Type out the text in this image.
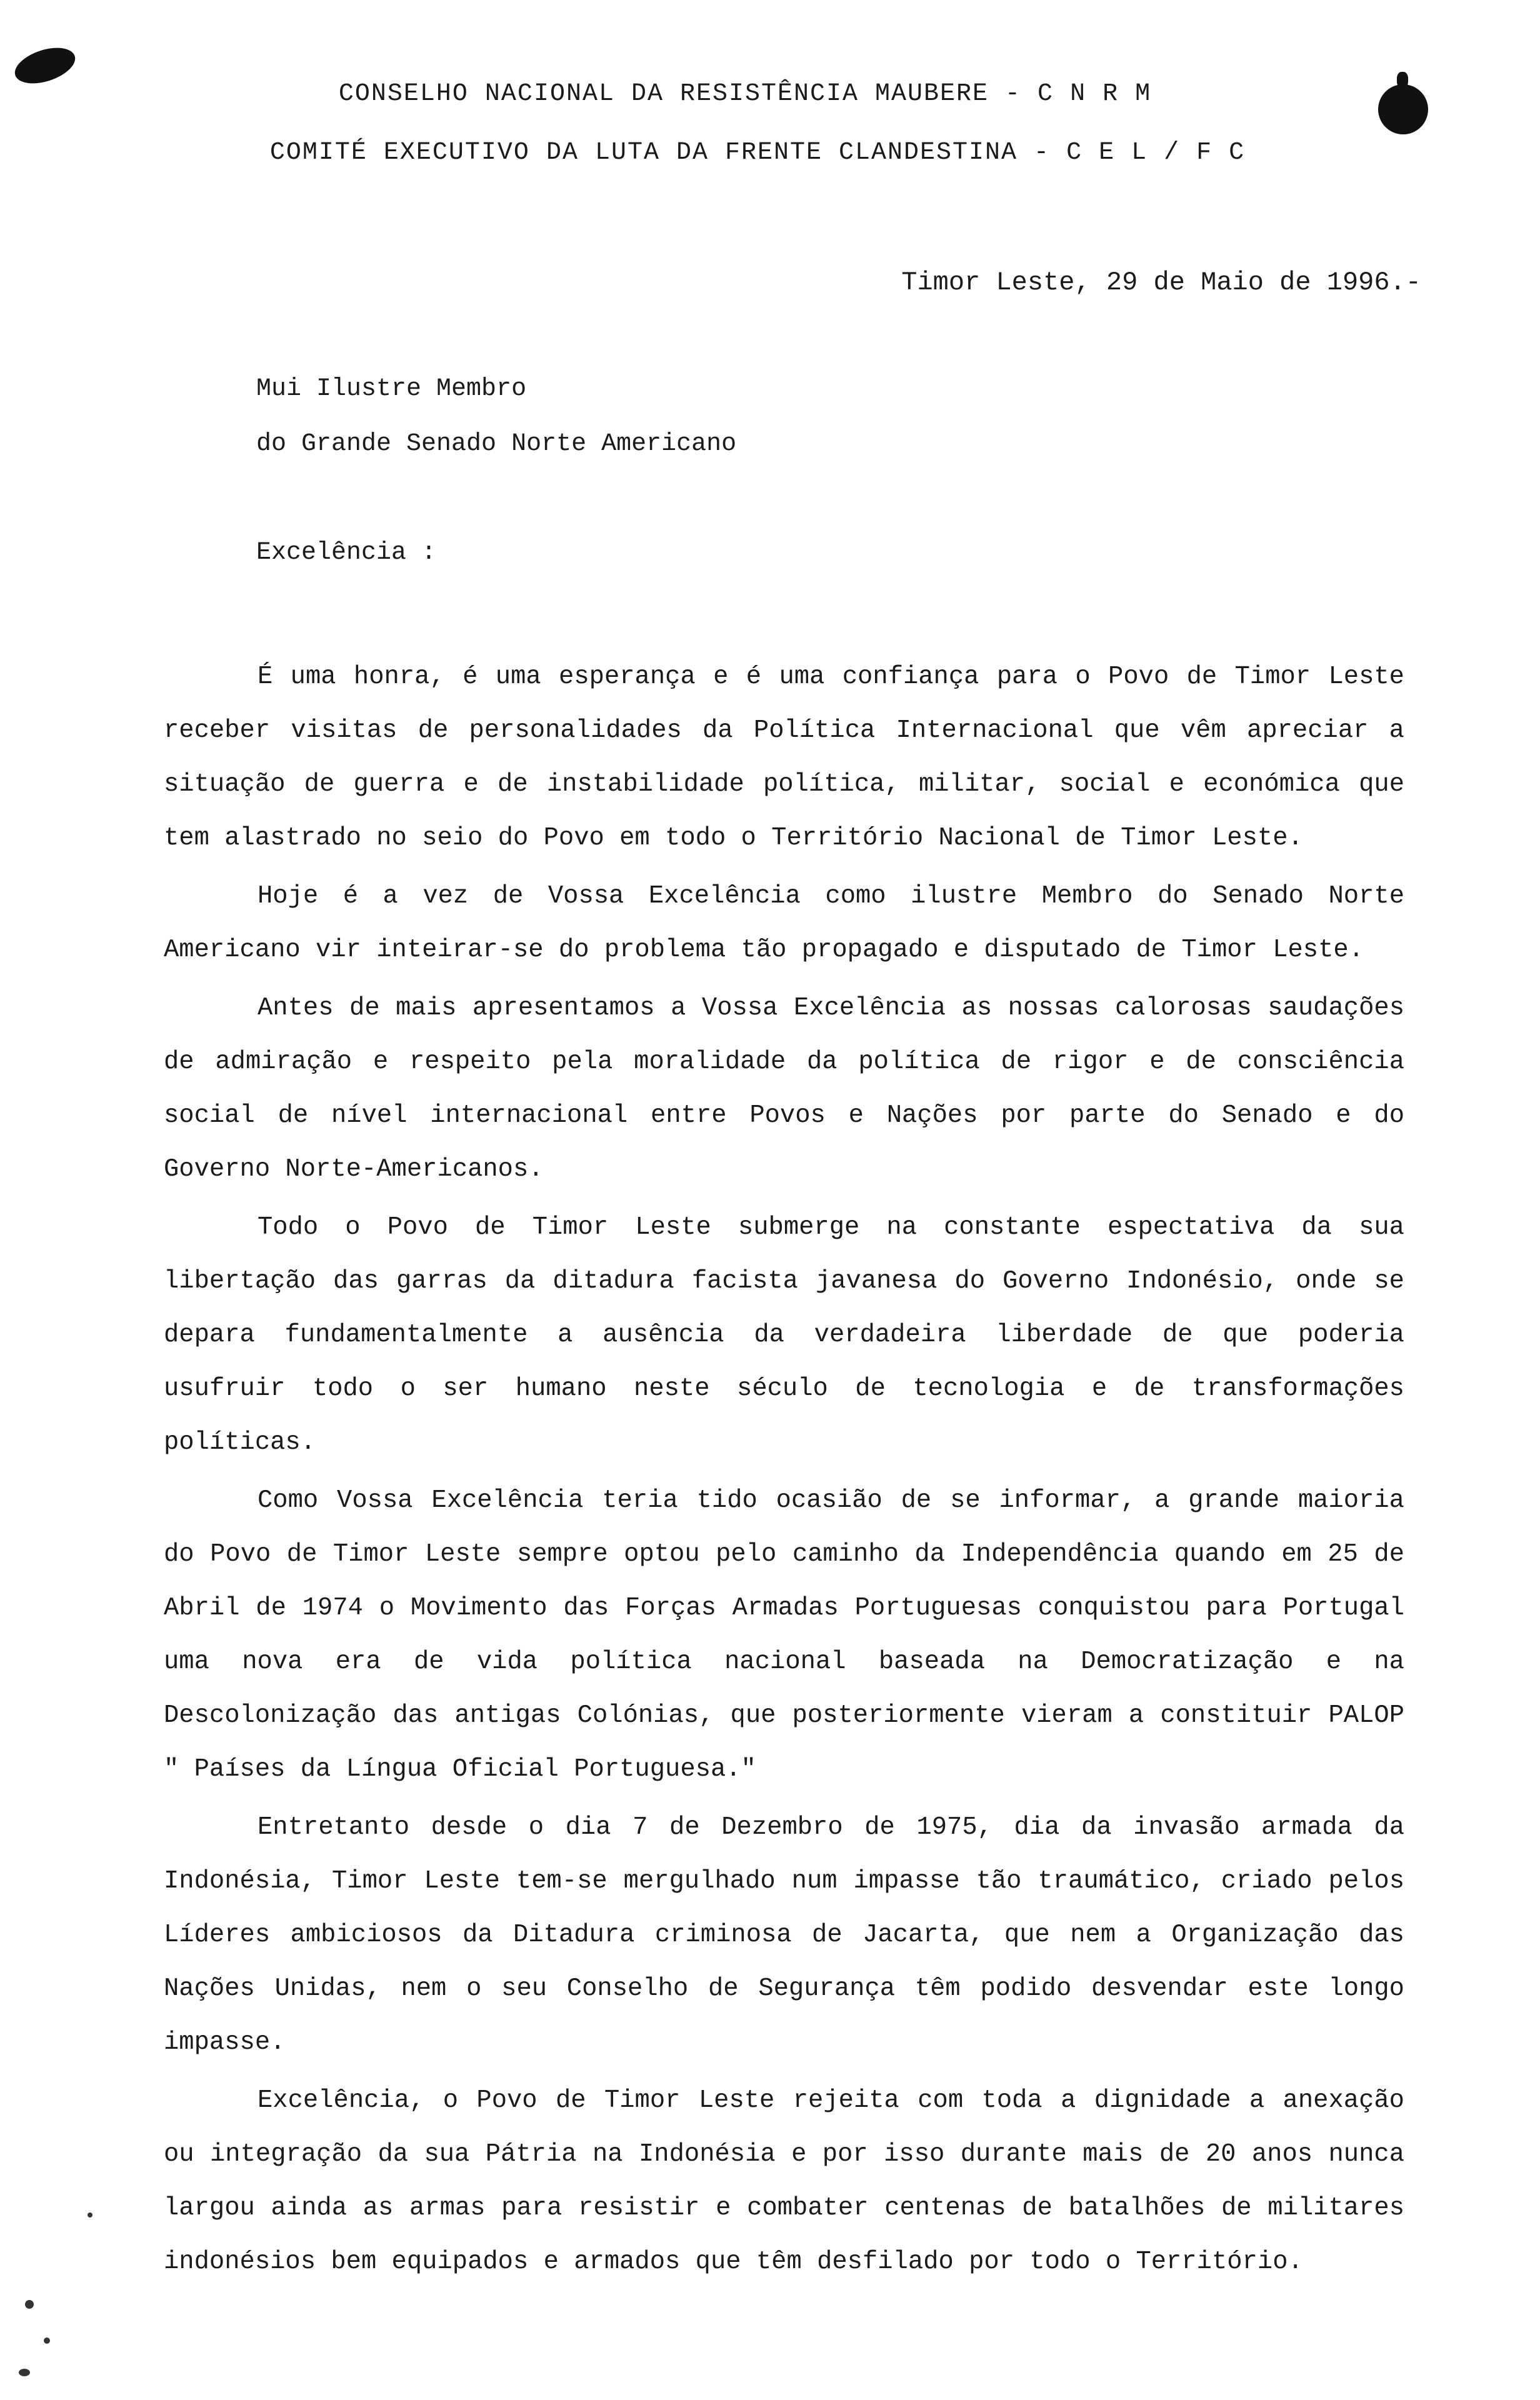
CONSELHO NACIONAL DA RESISTÊNCIA MAUBERE - C N R M
COMITÉ EXECUTIVO DA LUTA DA FRENTE CLANDESTINA - C E L / F C
Timor Leste, 29 de Maio de 1996.-
Mui Ilustre Membro
do Grande Senado Norte Americano
Excelência :

É uma honra, é uma esperança e é uma confiança para o Povo de Timor Leste receber visitas de personalidades da Política Internacional que vêm apreciar a situação de guerra e de instabilidade política, militar, social e económica que tem alastrado no seio do Povo em todo o Território Nacional de Timor Leste.

Hoje é a vez de Vossa Excelência como ilustre Membro do Senado Norte Americano vir inteirar-se do problema tão propagado e disputado de Timor Leste.

Antes de mais apresentamos a Vossa Excelência as nossas calorosas saudações de admiração e respeito pela moralidade da política de rigor e de consciência social de nível internacional entre Povos e Nações por parte do Senado e do Governo Norte-Americanos.

Todo o Povo de Timor Leste submerge na constante espectativa da sua libertação das garras da ditadura facista javanesa do Governo Indonésio, onde se depara fundamentalmente a ausência da verdadeira liberdade de que poderia usufruir todo o ser humano neste século de tecnologia e de transformações políticas.

Como Vossa Excelência teria tido ocasião de se informar, a grande maioria do Povo de Timor Leste sempre optou pelo caminho da Independência quando em 25 de Abril de 1974 o Movimento das Forças Armadas Portuguesas conquistou para Portugal uma nova era de vida política nacional baseada na Democratização e na Descolonização das antigas Colónias, que posteriormente vieram a constituir PALOP " Países da Língua Oficial Portuguesa."

Entretanto desde o dia 7 de Dezembro de 1975, dia da invasão armada da Indonésia, Timor Leste tem-se mergulhado num impasse tão traumático, criado pelos Líderes ambiciosos da Ditadura criminosa de Jacarta, que nem a Organização das Nações Unidas, nem o seu Conselho de Segurança têm podido desvendar este longo impasse.

Excelência, o Povo de Timor Leste rejeita com toda a dignidade a anexação ou integração da sua Pátria na Indonésia e por isso durante mais de 20 anos nunca largou ainda as armas para resistir e combater centenas de batalhões de militares indonésios bem equipados e armados que têm desfilado por todo o Território.
